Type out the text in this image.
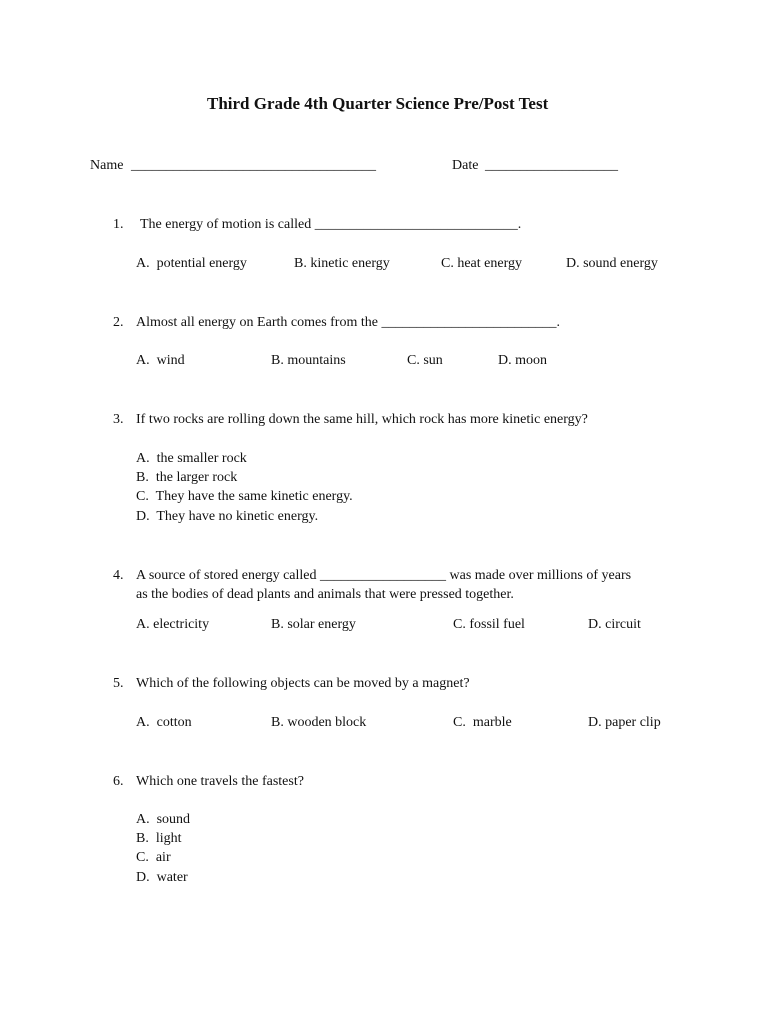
Third Grade 4th Quarter Science Pre/Post Test
Name ___________________________________	Date ___________________
1. The energy of motion is called _____________________________.
A.  potential energy	B. kinetic energy	C. heat energy	D. sound energy
2. Almost all energy on Earth comes from the _________________________.
A.  wind	B. mountains	C. sun	D. moon
3. If two rocks are rolling down the same hill, which rock has more kinetic energy?
A.  the smaller rock
B.  the larger rock
C.  They have the same kinetic energy.
D.  They have no kinetic energy.
4. A source of stored energy called __________________ was made over millions of years
as the bodies of dead plants and animals that were pressed together.
A. electricity	B. solar energy	C. fossil fuel	D. circuit
5. Which of the following objects can be moved by a magnet?
A.  cotton	B. wooden block	C.  marble	D. paper clip
6. Which one travels the fastest?
A.  sound
B.  light
C.  air
D.  water
